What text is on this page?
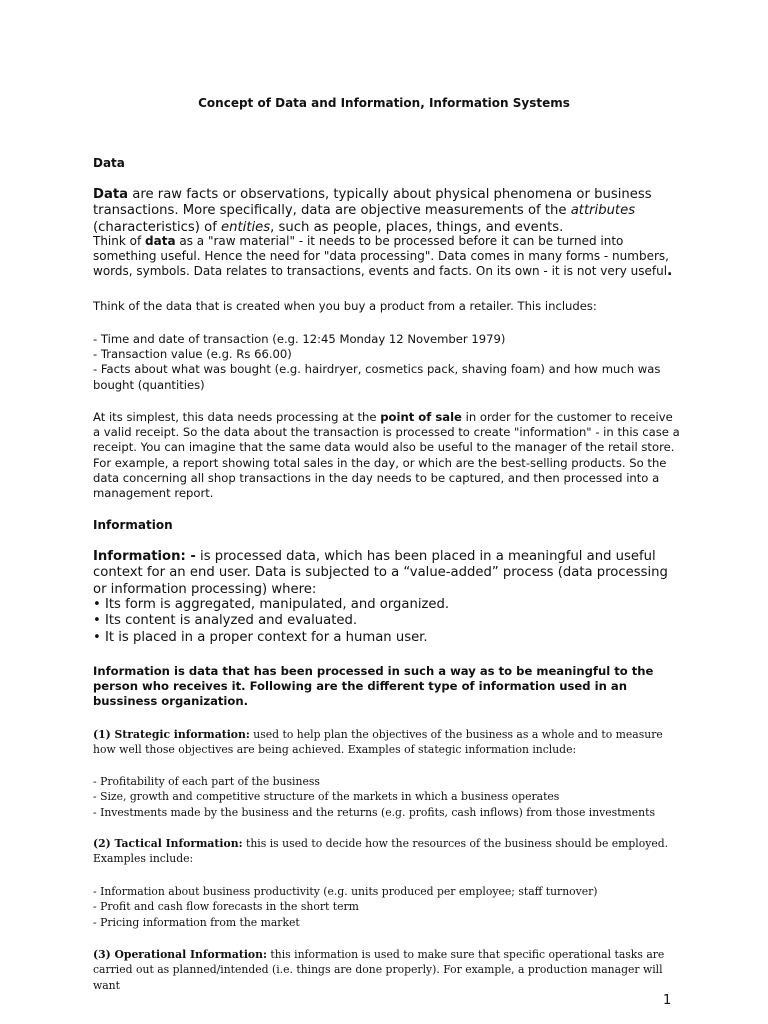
Concept of Data and Information, Information Systems

Data

Data are raw facts or observations, typically about physical phenomena or business transactions. More specifically, data are objective measurements of the attributes (characteristics) of entities, such as people, places, things, and events.

Think of data as a "raw material" - it needs to be processed before it can be turned into something useful. Hence the need for "data processing". Data comes in many forms - numbers, words, symbols. Data relates to transactions, events and facts. On its own - it is not very useful.

Think of the data that is created when you buy a product from a retailer. This includes:

- Time and date of transaction (e.g. 12:45 Monday 12 November 1979)
- Transaction value (e.g. Rs 66.00)
- Facts about what was bought (e.g. hairdryer, cosmetics pack, shaving foam) and how much was bought (quantities)

At its simplest, this data needs processing at the point of sale in order for the customer to receive a valid receipt. So the data about the transaction is processed to create "information" - in this case a receipt. You can imagine that the same data would also be useful to the manager of the retail store. For example, a report showing total sales in the day, or which are the best-selling products. So the data concerning all shop transactions in the day needs to be captured, and then processed into a management report.

Information

Information: - is processed data, which has been placed in a meaningful and useful context for an end user. Data is subjected to a “value-added” process (data processing or information processing) where:

• Its form is aggregated, manipulated, and organized.
• Its content is analyzed and evaluated.
• It is placed in a proper context for a human user.

Information is data that has been processed in such a way as to be meaningful to the person who receives it. Following are the different type of information used in an bussiness organization.

(1) Strategic information: used to help plan the objectives of the business as a whole and to measure how well those objectives are being achieved. Examples of stategic information include:

- Profitability of each part of the business
- Size, growth and competitive structure of the markets in which a business operates
- Investments made by the business and the returns (e.g. profits, cash inflows) from those investments

(2) Tactical Information: this is used to decide how the resources of the business should be employed. Examples include:

- Information about business productivity (e.g. units produced per employee; staff turnover)
- Profit and cash flow forecasts in the short term
- Pricing information from the market

(3) Operational Information: this information is used to make sure that specific operational tasks are carried out as planned/intended (i.e. things are done properly). For example, a production manager will want

1
